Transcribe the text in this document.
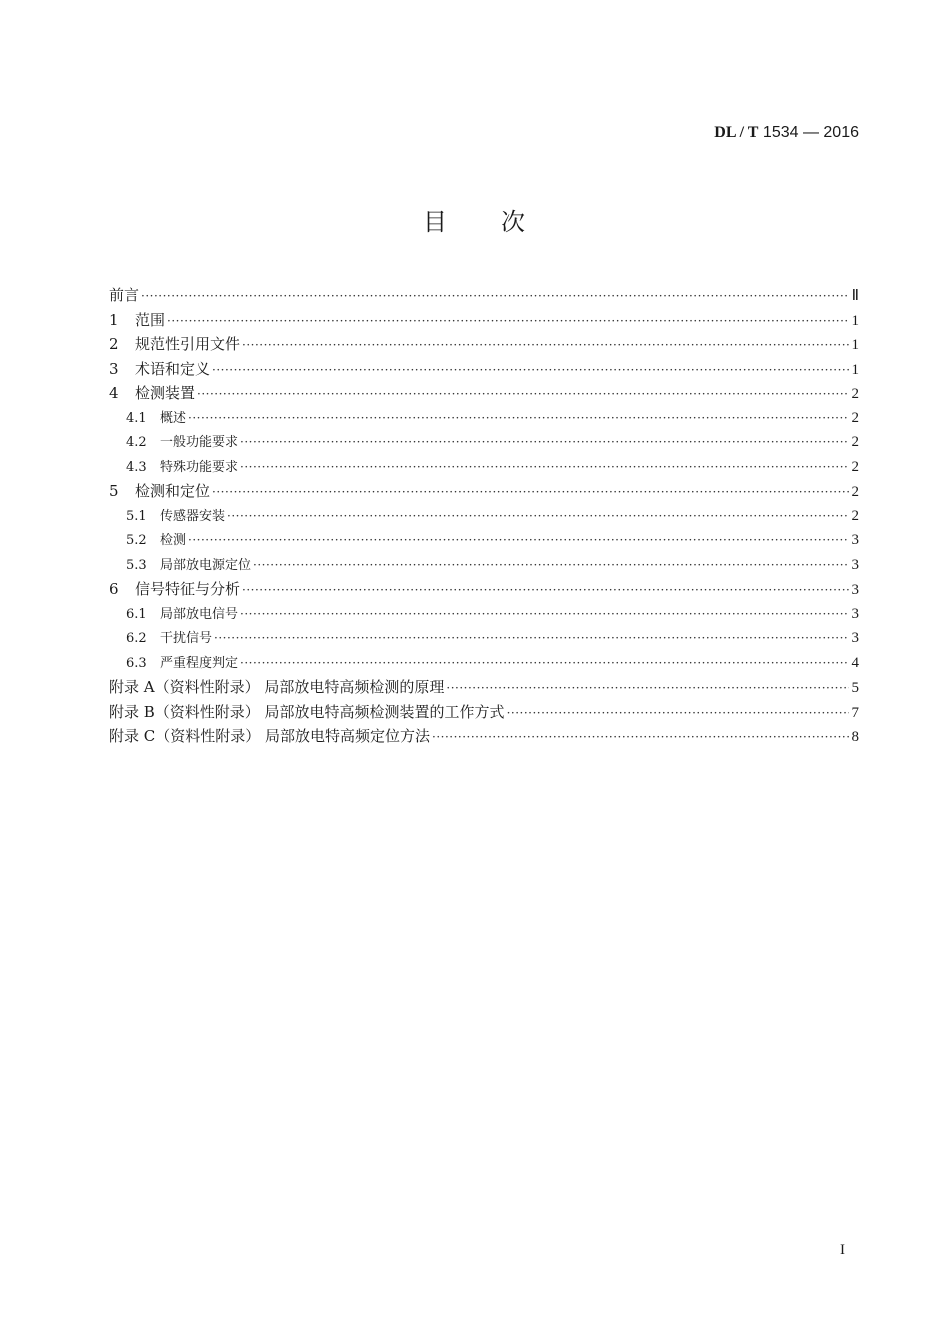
DL / T 1534 — 2016
目 次
前言 ·····	Ⅱ
1	范围 ·····	1
2	规范性引用文件 ·····	1
3	术语和定义 ·····	1
4	检测装置 ·····	2
4.1	概述 ·····	2
4.2	一般功能要求 ·····	2
4.3	特殊功能要求 ·····	2
5	检测和定位 ·····	2
5.1	传感器安装 ·····	2
5.2	检测 ·····	3
5.3	局部放电源定位 ·····	3
6	信号特征与分析 ·····	3
6.1	局部放电信号 ·····	3
6.2	干扰信号 ·····	3
6.3	严重程度判定 ·····	4
附录 A（资料性附录） 局部放电特高频检测的原理 ·····	5
附录 B（资料性附录） 局部放电特高频检测装置的工作方式 ·····	7
附录 C（资料性附录） 局部放电特高频定位方法 ·····	8
I
